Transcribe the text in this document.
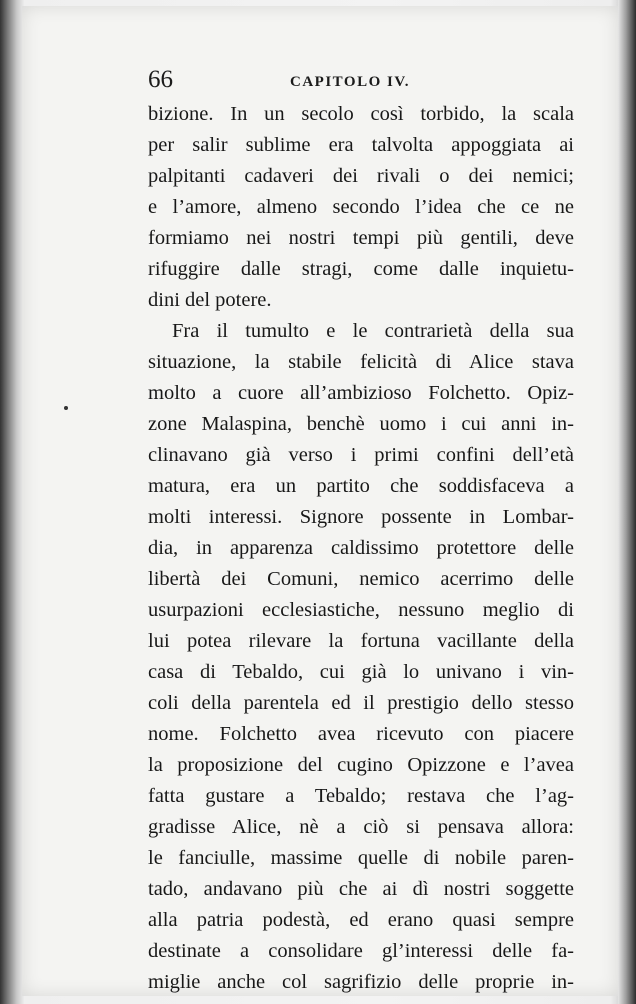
66	CAPITOLO IV.
bizione. In un secolo così torbido, la scala
per salir sublime era talvolta appoggiata ai
palpitanti cadaveri dei rivali o dei nemici;
e l’amore, almeno secondo l’idea che ce ne
formiamo nei nostri tempi più gentili, deve
rifuggire dalle stragi, come dalle inquietu-
dini del potere.
Fra il tumulto e le contrarietà della sua
situazione, la stabile felicità di Alice stava
molto a cuore all’ambizioso Folchetto. Opiz-
zone Malaspina, benchè uomo i cui anni in-
clinavano già verso i primi confini dell’età
matura, era un partito che soddisfaceva a
molti interessi. Signore possente in Lombar-
dia, in apparenza caldissimo protettore delle
libertà dei Comuni, nemico acerrimo delle
usurpazioni ecclesiastiche, nessuno meglio di
lui potea rilevare la fortuna vacillante della
casa di Tebaldo, cui già lo univano i vin-
coli della parentela ed il prestigio dello stesso
nome. Folchetto avea ricevuto con piacere
la proposizione del cugino Opizzone e l’avea
fatta gustare a Tebaldo; restava che l’ag-
gradisse Alice, nè a ciò si pensava allora:
le fanciulle, massime quelle di nobile paren-
tado, andavano più che ai dì nostri soggette
alla patria podestà, ed erano quasi sempre
destinate a consolidare gl’interessi delle fa-
miglie anche col sagrifizio delle proprie in-
